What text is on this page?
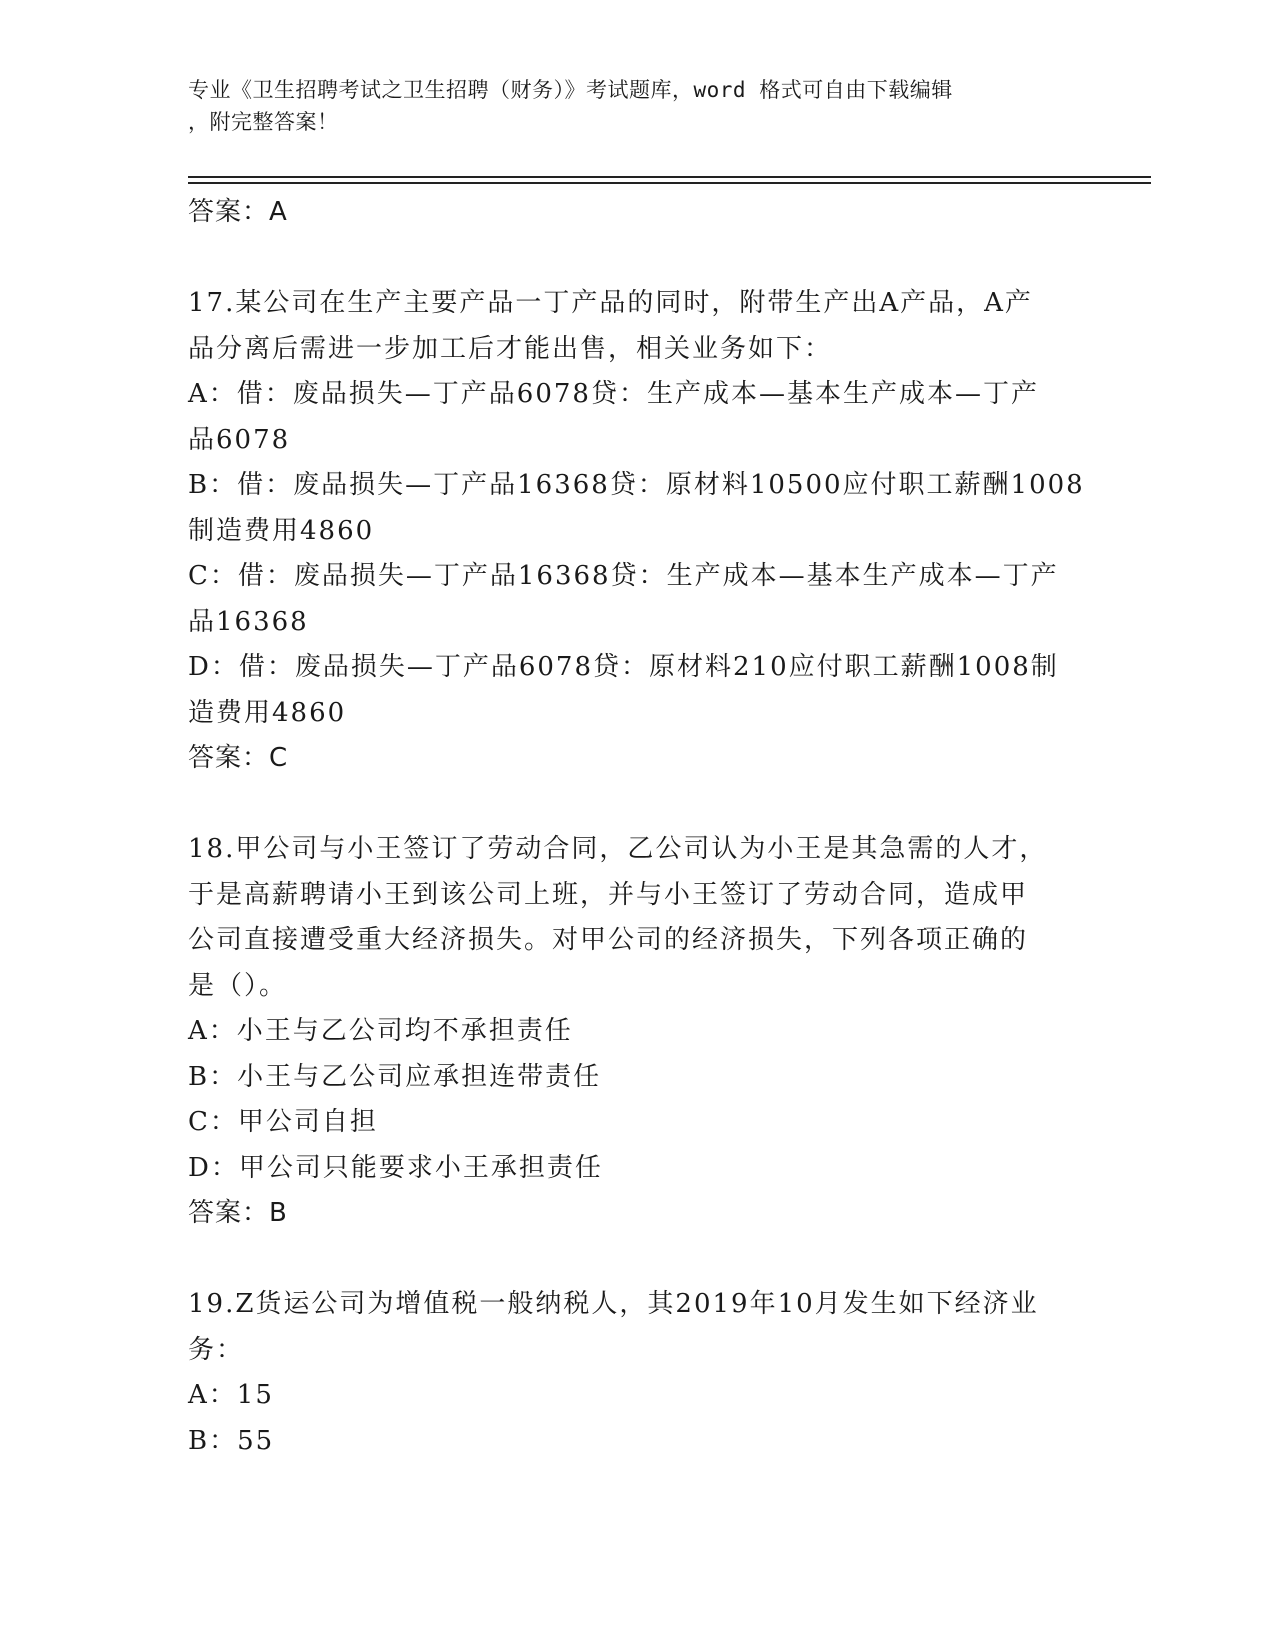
专业《卫生招聘考试之卫生招聘（财务）》考试题库，word 格式可自由下载编辑
，附完整答案！
答案：A
17.某公司在生产主要产品一丁产品的同时，附带生产出A产品，A产
品分离后需进一步加工后才能出售，相关业务如下：
A：借：废品损失—丁产品6078贷：生产成本—基本生产成本—丁产
品6078
B：借：废品损失—丁产品16368贷：原材料10500应付职工薪酬1008
制造费用4860
C：借：废品损失—丁产品16368贷：生产成本—基本生产成本—丁产
品16368
D：借：废品损失—丁产品6078贷：原材料210应付职工薪酬1008制
造费用4860
答案：C
18.甲公司与小王签订了劳动合同，乙公司认为小王是其急需的人才，
于是高薪聘请小王到该公司上班，并与小王签订了劳动合同，造成甲
公司直接遭受重大经济损失。对甲公司的经济损失，下列各项正确的
是（）。
A：小王与乙公司均不承担责任
B：小王与乙公司应承担连带责任
C：甲公司自担
D：甲公司只能要求小王承担责任
答案：B
19.Z货运公司为增值税一般纳税人，其2019年10月发生如下经济业
务：
A：15
B：55
